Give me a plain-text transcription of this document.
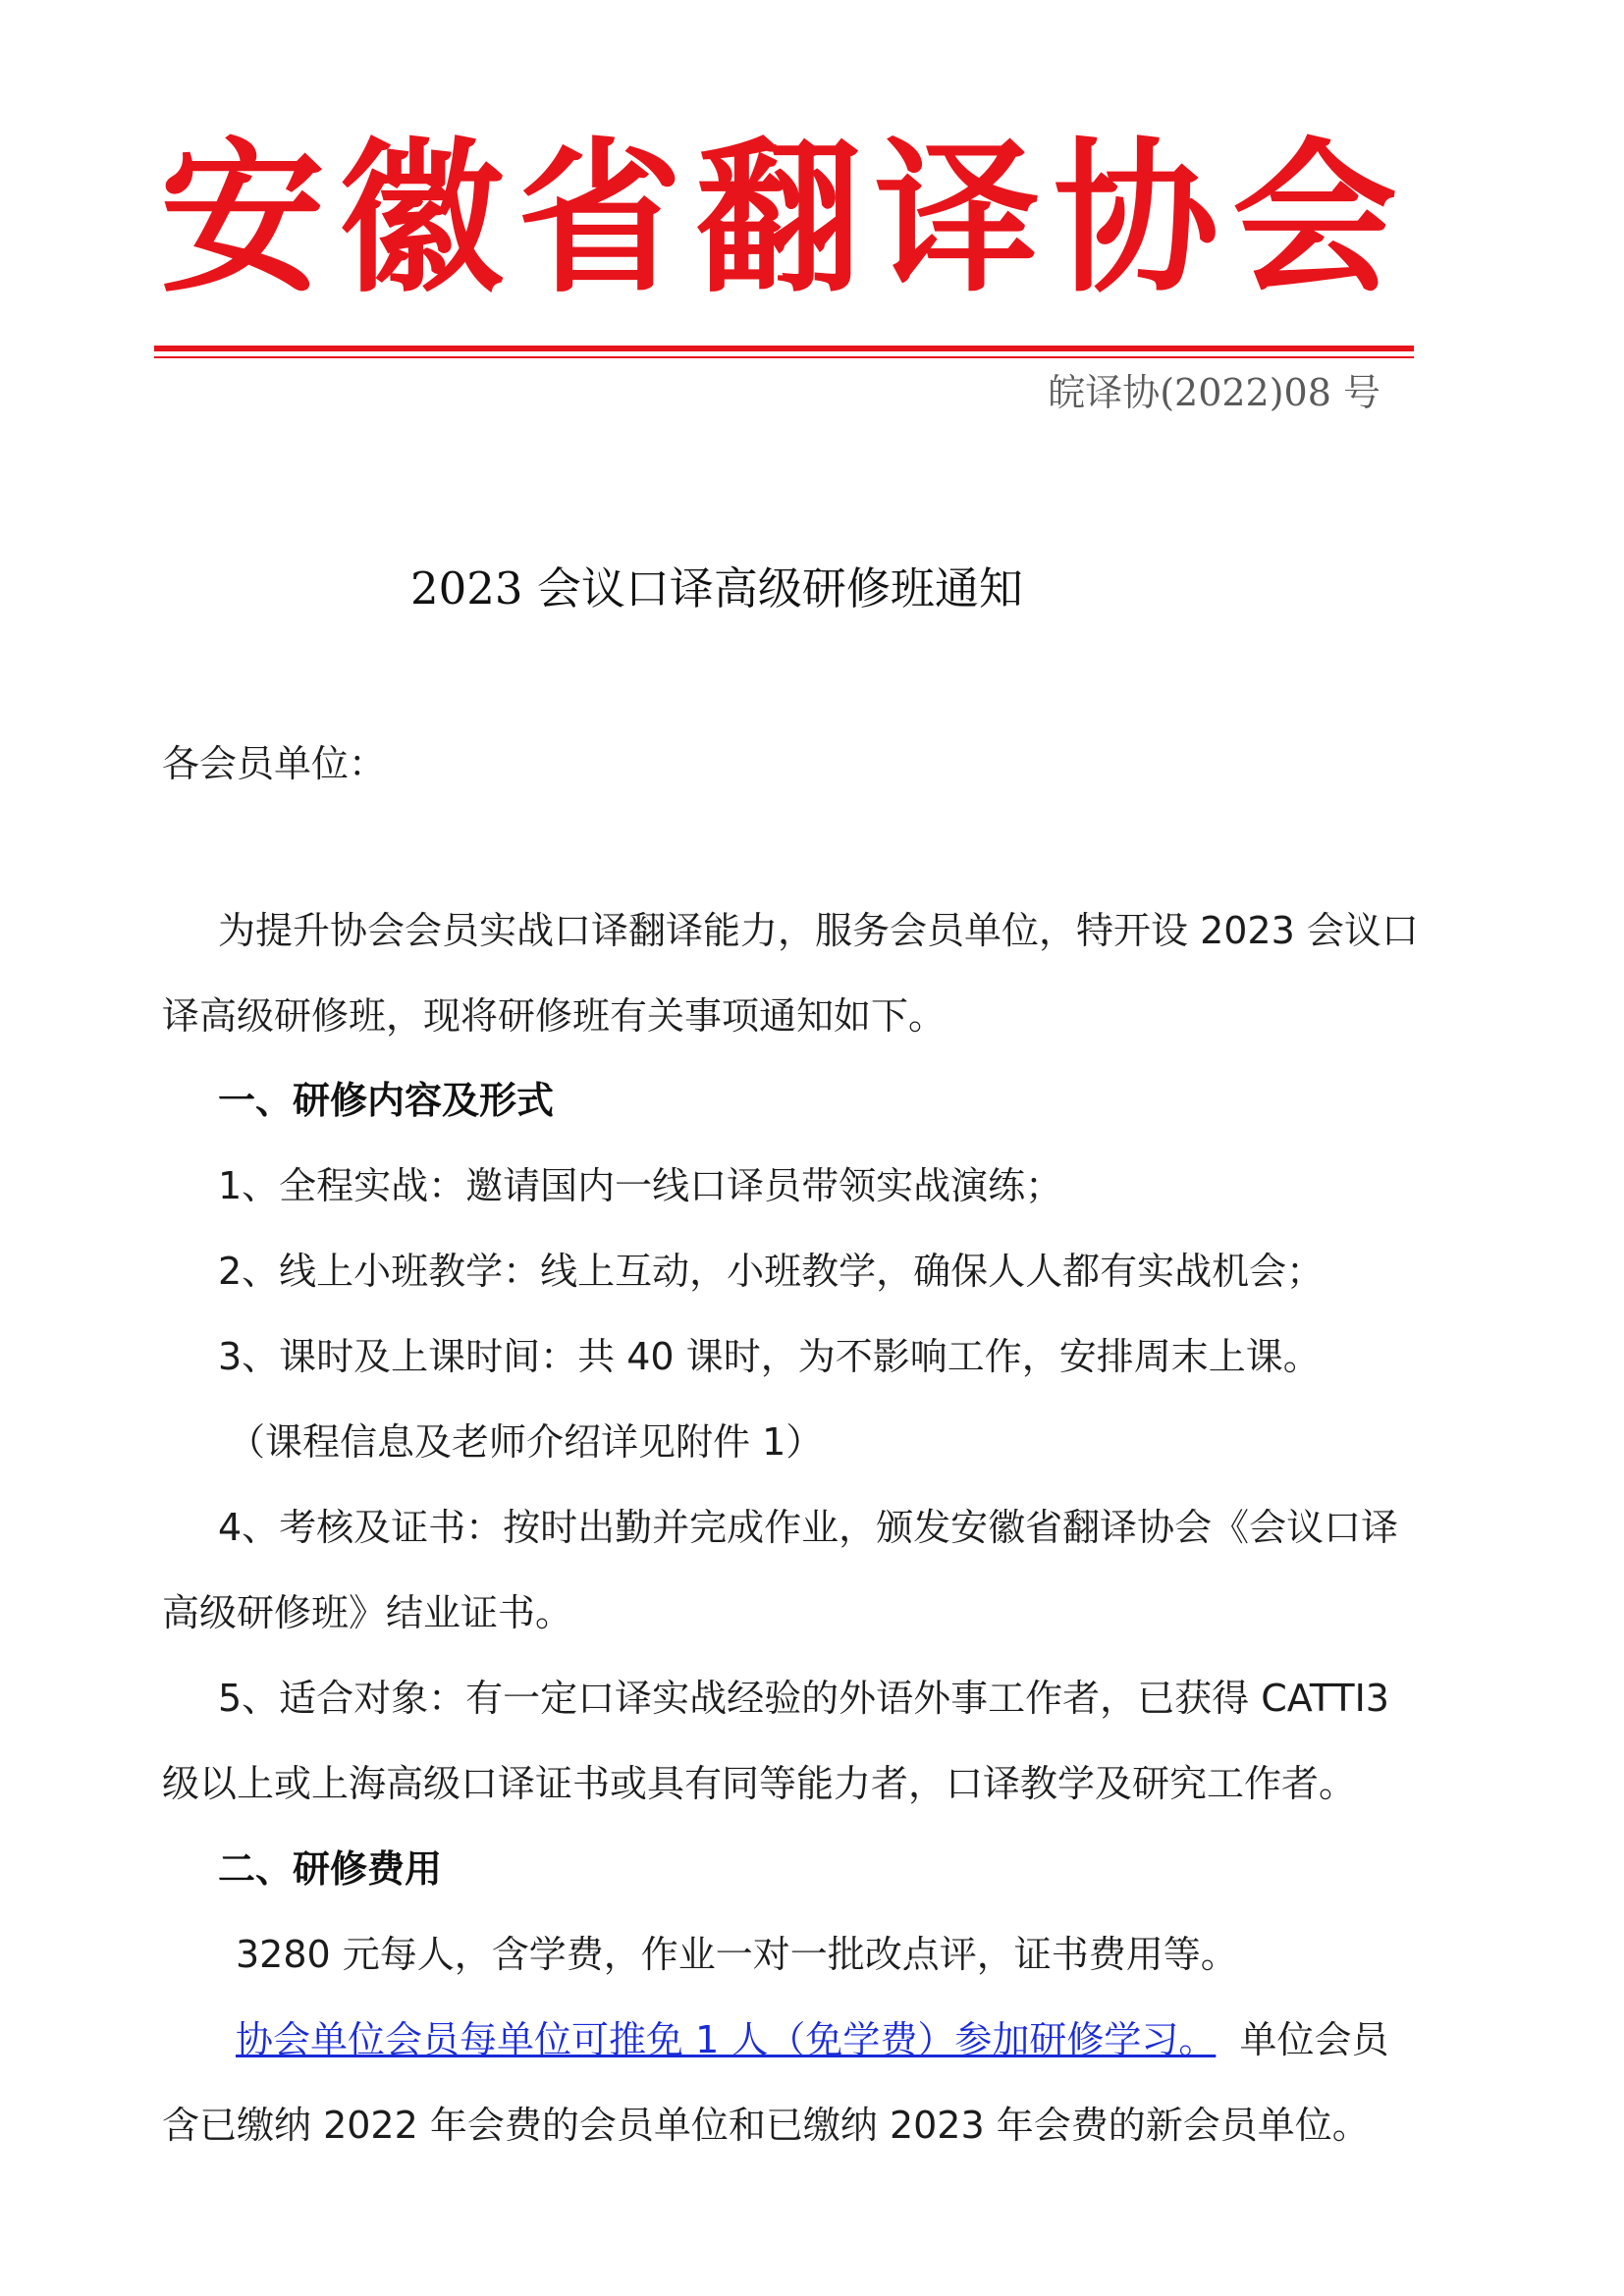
安徽省翻译协会
皖译协(2022)08 号
2023 会议口译高级研修班通知
各会员单位：
为提升协会会员实战口译翻译能力，服务会员单位，特开设 2023 会议口
译高级研修班，现将研修班有关事项通知如下。
一、研修内容及形式
1、全程实战：邀请国内一线口译员带领实战演练；
2、线上小班教学：线上互动，小班教学，确保人人都有实战机会；
3、课时及上课时间：共 40 课时，为不影响工作，安排周末上课。
（课程信息及老师介绍详见附件 1）
4、考核及证书：按时出勤并完成作业，颁发安徽省翻译协会《会议口译
高级研修班》结业证书。
5、适合对象：有一定口译实战经验的外语外事工作者，已获得 CATTI3
级以上或上海高级口译证书或具有同等能力者，口译教学及研究工作者。
二、研修费用
3280 元每人，含学费，作业一对一批改点评，证书费用等。
协会单位会员每单位可推免 1 人（免学费）参加研修学习。 单位会员
含已缴纳 2022 年会费的会员单位和已缴纳 2023 年会费的新会员单位。
